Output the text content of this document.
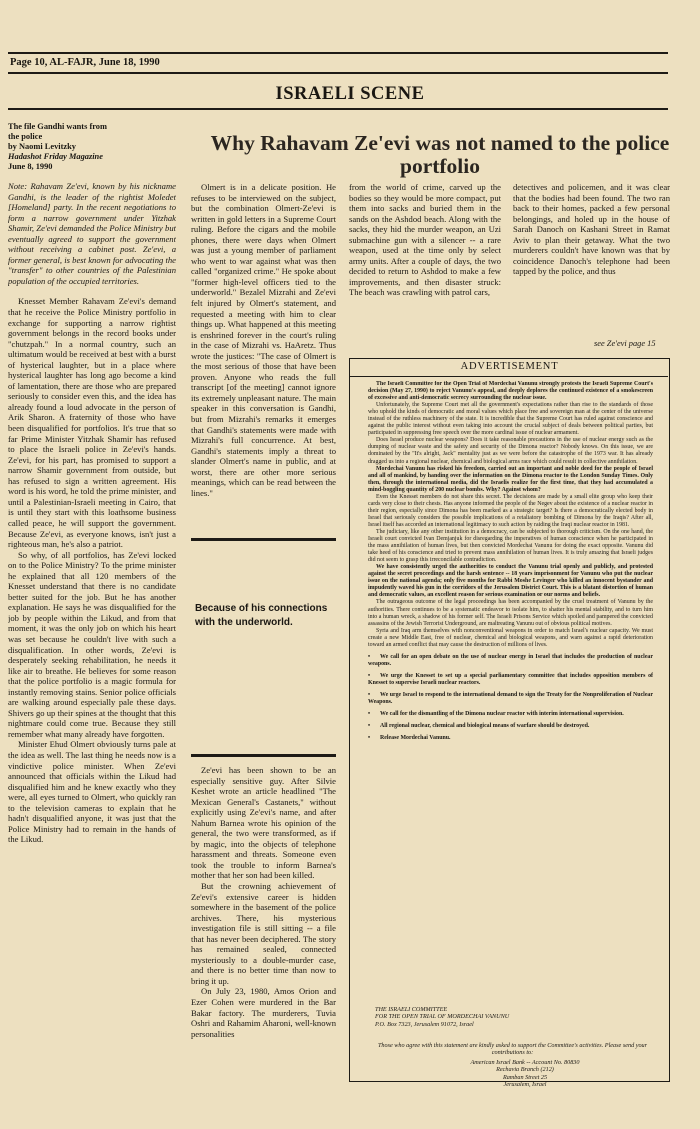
Page 10, AL-FAJR, June 18, 1990
ISRAELI SCENE
Why Rahavam Ze'evi was not named to the police portfolio
The file Gandhi wants from
the police
by Naomi Levitzky
Hadashot Friday Magazine
June 8, 1990

Note: Rahavam Ze'evi, known by his nickname Gandhi, is the leader of the rightist Moledet [Homeland] party. In the recent negotiations to form a narrow government under Yitzhak Shamir, Ze'evi demanded the Police Ministry but eventually agreed to support the government without receiving a cabinet post. Ze'evi, a former general, is best known for advocating the "transfer" to other countries of the Palestinian population of the occupied territories.

Knesset Member Rahavam Ze'evi's demand that he receive the Police Ministry portfolio in exchange for supporting a narrow rightist government belongs in the record books under "chutzpah." In a normal country, such an ultimatum would be received at best with a burst of hysterical laughter, but in a place where hysterical laughter has long ago become a kind of lamentation, there are those who are prepared seriously to consider even this, and the idea has already found a loud advocate in the person of Arik Sharon. A fraternity of those who have been disqualified for portfolios. It's true that so far Prime Minister Yitzhak Shamir has refused to place the Israeli police in Ze'evi's hands. Ze'evi, for his part, has promised to support a narrow Shamir government from outside, but has refused to sign a written agreement. His word is his word, he told the prime minister, and until a Palestinian-Israeli meeting in Cairo, that is until they start with this loathsome business called peace, he will support the government. Because Ze'evi, as everyone knows, isn't just a righteous man, he's also a patriot.

So why, of all portfolios, has Ze'evi locked on to the Police Ministry? To the prime minister he explained that all 120 members of the Knesset understand that there is no candidate better suited for the job. But he has another explanation. He says he was disqualified for the job by people within the Likud, and from that moment, it was the only job on which his heart was set because he couldn't live with such a disqualification. In other words, Ze'evi is desperately seeking rehabilitation, he needs it like air to breathe. He believes for some reason that the police portfolio is a magic formula for instantly removing stains. Senior police officials are walking around especially pale these days. Shivers go up their spines at the thought that this nightmare could come true. Because they still remember what many already have forgotten.

Minister Ehud Olmert obviously turns pale at the idea as well. The last thing he needs now is a vindictive police minister. When Ze'evi announced that officials within the Likud had disqualified him and he knew exactly who they were, all eyes turned to Olmert, who quickly ran to the television cameras to explain that he hadn't disqualified anyone, it was just that the Police Ministry had to remain in the hands of the Likud.

Olmert is in a delicate position. He refuses to be interviewed on the subject, but the combination Olmert-Ze'evi is written in gold letters in a Supreme Court ruling. Before the cigars and the mobile phones, there were days when Olmert was just a young member of parliament who went to war against what was then called "organized crime." He spoke about "former high-level officers tied to the underworld." Bezalel Mizrahi and Ze'evi felt injured by Olmert's statement, and requested a meeting with him to clear things up. What happened at this meeting is enshrined forever in the court's ruling in the case of Mizrahi vs. HaAretz. Thus wrote the justices: "The case of Olmert is the most serious of those that have been proven. Anyone who reads the full transcript [of the meeting] cannot ignore its extremely unpleasant nature. The main speaker in this conversation is Gandhi, but from Mizrahi's remarks it emerges that Gandhi's statements were made with Mizrahi's full concurrence. At best, Gandhi's statements imply a threat to slander Olmert's name in public, and at worst, there are other more serious meanings, which can be read between the lines."

Because of his connections with the underworld.

Ze'evi has been shown to be an especially sensitive guy. After Silvie Keshet wrote an article headlined "The Mexican General's Castanets," without explicitly using Ze'evi's name, and after Nahum Barnea wrote his opinion of the general, the two were transformed, as if by magic, into the objects of telephone harassment and threats. Someone even took the trouble to inform Barnea's mother that her son had been killed.

But the crowning achievement of Ze'evi's extensive career is hidden somewhere in the basement of the police archives. There, his mysterious investigation file is still sitting -- a file that has never been deciphered. The story has remained sealed, connected mysteriously to a double-murder case, and there is no better time than now to bring it up.

On July 23, 1980, Amos Orion and Ezer Cohen were murdered in the Bar Bakar factory. The murderers, Tuvia Oshri and Rahamim Aharoni, well-known personalities

from the world of crime, carved up the bodies so they would be more compact, put them into sacks and buried them in the sands on the Ashdod beach. Along with the sacks, they hid the murder weapon, an Uzi submachine gun with a silencer -- a rare weapon, used at the time only by select army units. After a couple of days, the two decided to return to Ashdod to make a few improvements, and then disaster struck: The beach was crawling with patrol cars,

detectives and policemen, and it was clear that the bodies had been found. The two ran back to their homes, packed a few personal belongings, and holed up in the house of Sarah Danoch on Kashani Street in Ramat Aviv to plan their getaway. What the two murderers couldn't have known was that by coincidence Danoch's telephone had been tapped by the police, and thus

see Ze'evi page 15
ADVERTISEMENT

The Israeli Committee for the Open Trial of Mordechai Vanunu strongly protests the Israeli Supreme Court's decision (May 27, 1990) to reject Vanunu's appeal, and deeply deplores the continued existence of a smokescreen of excessive and anti-democratic secrecy surrounding the nuclear issue.

Unfortunately, the Supreme Court met all the government's expectations rather than rise to the standards of those who uphold the kinds of democratic and moral values which place free and sovereign man at the center of the universe instead of the ruthless machinery of the state. It is incredible that the Supreme Court has ruled against conscience and against the public interest without even taking into account the crucial subject of deals between political parties, but participated in suppressing free speech over the more cardinal issue of nuclear armament.

Does Israel produce nuclear weapons? Does it take reasonable precautions in the use of nuclear energy such as the dumping of nuclear waste and the safety and security of the Dimona reactor? Nobody knows. On this issue, we are dominated by the "It's alright, Jack" mentality just as we were before the catastrophe of the 1973 war. It has already dragged us into a regional nuclear, chemical and biological arms race which could result in collective annihilation.

Mordechai Vanunu has risked his freedom, carried out an important and noble deed for the people of Israel and all of mankind, by handing over the information on the Dimona reactor to the London Sunday Times. Only then, through the international media, did the Israelis realize for the first time, that they had accumulated a mind-boggling quantity of 200 nuclear bombs. Why? Against whom?

Even the Knesset members do not share this secret. The decisions are made by a small elite group who keep their cards very close to their chests. Has anyone informed the people of the Negev about the existence of a nuclear reactor in their region, especially since Dimona has been marked as a strategic target? Is there a democratically elected body in Israel that seriously considers the possible implications of a retaliatory bombing of Dimona by the Iraqis? After all, Israel itself has accorded an international legitimacy to such action by raiding the Iraqi nuclear reactor in 1981.

The judiciary, like any other institution in a democracy, can be subjected to thorough criticism. On the one hand, the Israeli court convicted Ivan Demjanjuk for disregarding the imperatives of human conscience when he participated in the mass annihilation of human lives, but then convicted Mordechai Vanunu for doing the exact opposite. Vanunu did take heed of his conscience and tried to prevent mass annihilation of human lives. It is truly amazing that Israeli judges did not seem to grasp this irreconcilable contradiction.

We have consistently urged the authorities to conduct the Vanunu trial openly and publicly, and protested against the secret proceedings and the harsh sentence -- 18 years imprisonment for Vanunu who put the nuclear issue on the national agenda; only five months for Rabbi Moshe Levinger who killed an innocent bystander and impudently waved his gun in the corridors of the Jerusalem District Court. This is a blatant distortion of human and democratic values, an excellent reason for serious examination or our norms and beliefs.

The outrageous outcome of the legal proceedings has been accompanied by the cruel treatment of Vanunu by the authorities. There continues to be a systematic endeavor to isolate him, to shatter his mental stability, and to turn him into a human wreck, a shadow of his former self. The Israeli Prisons Service which spoiled and pampered the convicted assassins of the Jewish Terrorist Underground, are maltreating Vanunu out of obvious political motives.

Syria and Iraq arm themselves with nonconventional weapons in order to match Israel's nuclear capacity. We must create a new Middle East, free of nuclear, chemical and biological weapons, and warn against a rapid deterioration toward an armed conflict that may cause the destruction of millions of lives.

• We call for an open debate on the use of nuclear energy in Israel that includes the production of nuclear weapons.

• We urge the Knesset to set up a special parliamentary committee that includes opposition members of Knesset to supervise Israeli nuclear reactors.

• We urge Israel to respond to the international demand to sign the Treaty for the Nonproliferation of Nuclear Weapons.

• We call for the dismantling of the Dimona nuclear reactor with interim international supervision.

• All regional nuclear, chemical and biological means of warfare should be destroyed.

• Release Mordechai Vanunu.

THE ISRAELI COMMITTEE
FOR THE OPEN TRIAL OF MORDECHAI VANUNU
P.O. Box 7323, Jerusalem 91072, Israel
Those who agree with this statement are kindly asked to support the Committee's activities. Please send your contributions to:
American Israel Bank -- Account No. 80830
Rechavia Branch (212)
Ramban Street 25
Jerusalem, Israel
